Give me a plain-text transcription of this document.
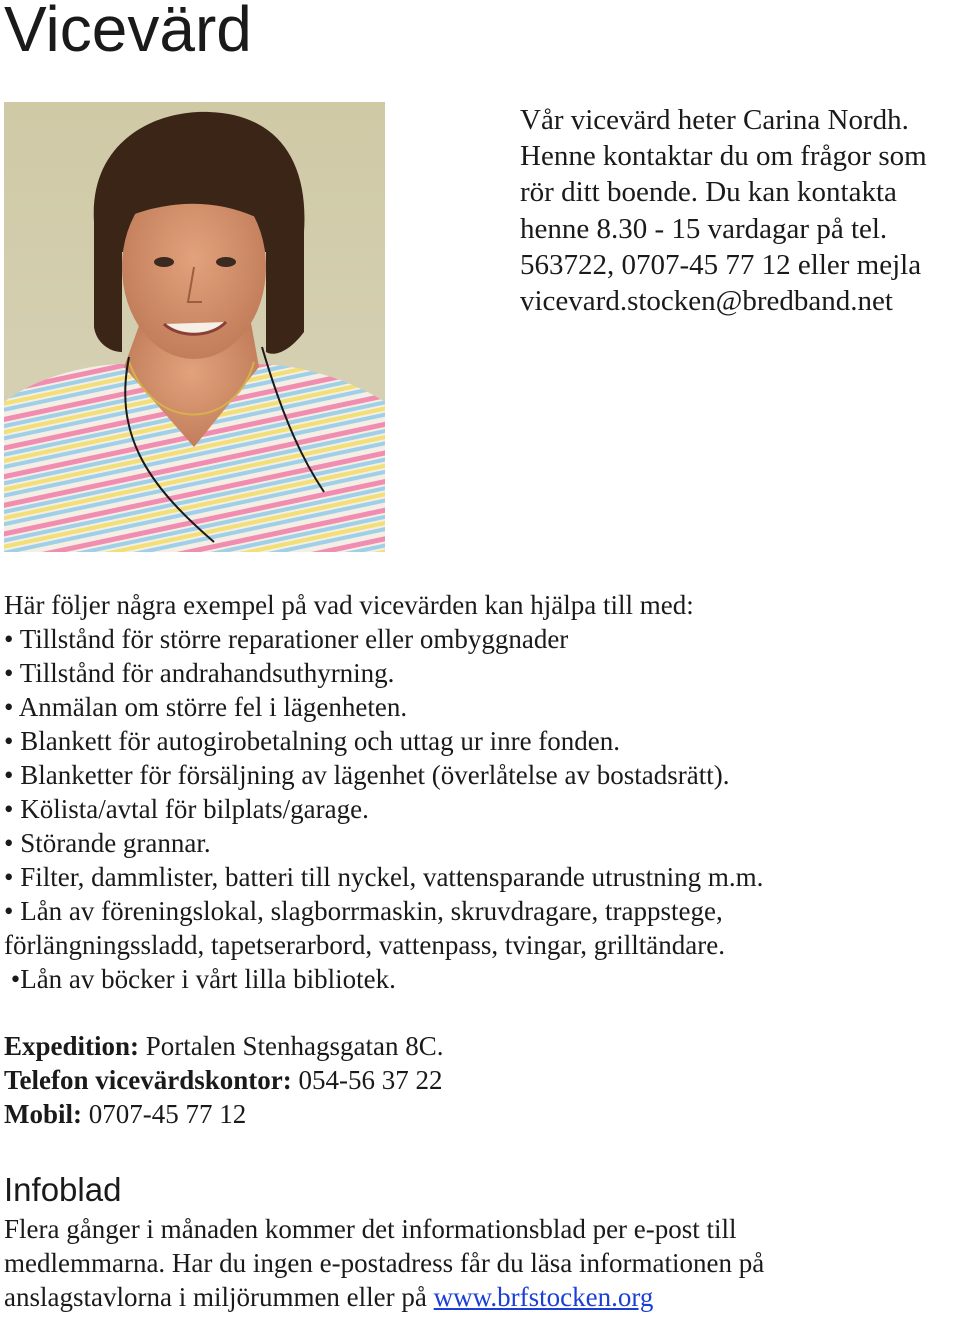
Vicevärd

Vår vicevärd heter Carina Nordh.
Henne kontaktar du om frågor som
rör ditt boende. Du kan kontakta
henne 8.30 - 15 vardagar på tel.
563722, 0707-45 77 12 eller mejla
vicevard.stocken@bredband.net

Här följer några exempel på vad vicevärden kan hjälpa till med:
• Tillstånd för större reparationer eller ombyggnader
• Tillstånd för andrahandsuthyrning.
• Anmälan om större fel i lägenheten.
• Blankett för autogirobetalning och uttag ur inre fonden.
• Blanketter för försäljning av lägenhet (överlåtelse av bostadsrätt).
• Kölista/avtal för bilplats/garage.
• Störande grannar.
• Filter, dammlister, batteri till nyckel, vattensparande utrustning m.m.
• Lån av föreningslokal, slagborrmaskin, skruvdragare, trappstege,
förlängningssladd, tapetserarbord, vattenpass, tvingar, grilltändare.
•Lån av böcker i vårt lilla bibliotek.
Expedition: Portalen Stenhagsgatan 8C.
Telefon vicevärdskontor: 054-56 37 22
Mobil: 0707-45 77 12
Infoblad
Flera gånger i månaden kommer det informationsblad per e-post till
medlemmarna. Har du ingen e-postadress får du läsa informationen på
anslagstavlorna i miljörummen eller på www.brfstocken.org
